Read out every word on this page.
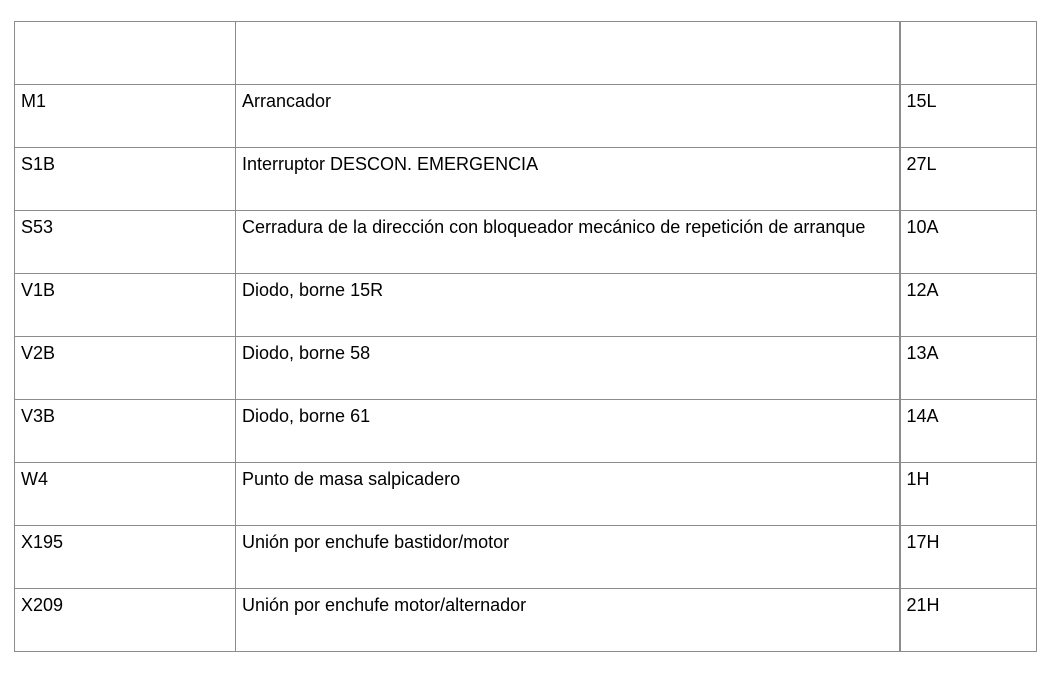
M1	Arrancador	15L
S1B	Interruptor DESCON. EMERGENCIA	27L
S53	Cerradura de la dirección con bloqueador mecánico de repetición de arranque	10A
V1B	Diodo, borne 15R	12A
V2B	Diodo, borne 58	13A
V3B	Diodo, borne 61	14A
W4	Punto de masa salpicadero	1H
X195	Unión por enchufe bastidor/motor	17H
X209	Unión por enchufe motor/alternador	21H
